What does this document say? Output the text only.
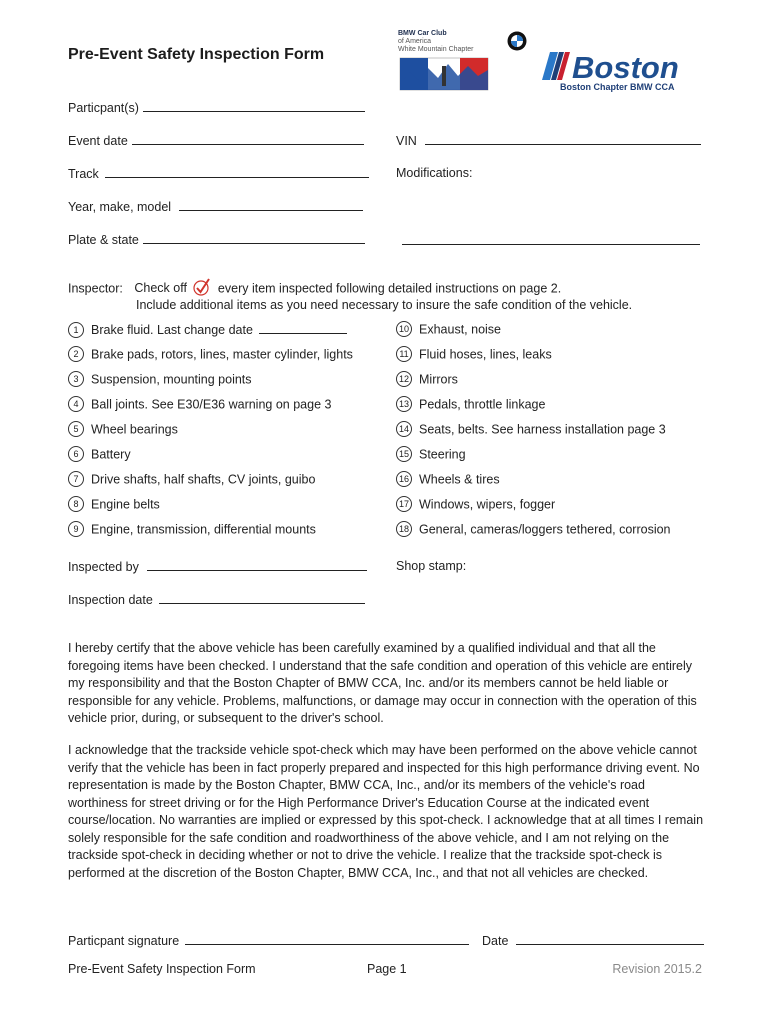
Pre-Event Safety Inspection Form
BMW Car Club
of America
White Mountain Chapter
Boston
Boston Chapter BMW CCA
Particpant(s)
Event date	VIN
Track	Modifications:
Year, make, model
Plate & state
Inspector: Check off every item inspected following detailed instructions on page 2.
Include additional items as you need necessary to insure the safe condition of the vehicle.
1 Brake fluid. Last change date
2 Brake pads, rotors, lines, master cylinder, lights
3 Suspension, mounting points
4 Ball joints. See E30/E36 warning on page 3
5 Wheel bearings
6 Battery
7 Drive shafts, half shafts, CV joints, guibo
8 Engine belts
9 Engine, transmission, differential mounts
10 Exhaust, noise
11 Fluid hoses, lines, leaks
12 Mirrors
13 Pedals, throttle linkage
14 Seats, belts. See harness installation page 3
15 Steering
16 Wheels & tires
17 Windows, wipers, fogger
18 General, cameras/loggers tethered, corrosion
Inspected by	Shop stamp:
Inspection date
I hereby certify that the above vehicle has been carefully examined by a qualified individual and that all the foregoing items have been checked. I understand that the safe condition and operation of this vehicle are entirely my responsibility and that the Boston Chapter of BMW CCA, Inc. and/or its members cannot be held liable or responsible for any vehicle. Problems, malfunctions, or damage may occur in connection with the operation of this vehicle prior, during, or subsequent to the driver's school.
I acknowledge that the trackside vehicle spot-check which may have been performed on the above vehicle cannot verify that the vehicle has been in fact properly prepared and inspected for this high performance driving event. No representation is made by the Boston Chapter, BMW CCA, Inc., and/or its members of the vehicle's road worthiness for street driving or for the High Performance Driver's Education Course at the indicated event course/location. No warranties are implied or expressed by this spot-check. I acknowledge that at all times I remain solely responsible for the safe condition and roadworthiness of the above vehicle, and I am not relying on the trackside spot-check in deciding whether or not to drive the vehicle. I realize that the trackside spot-check is performed at the discretion of the Boston Chapter, BMW CCA, Inc., and that not all vehicles are checked.
Particpant signature	Date
Pre-Event Safety Inspection Form	Page 1	Revision 2015.2
